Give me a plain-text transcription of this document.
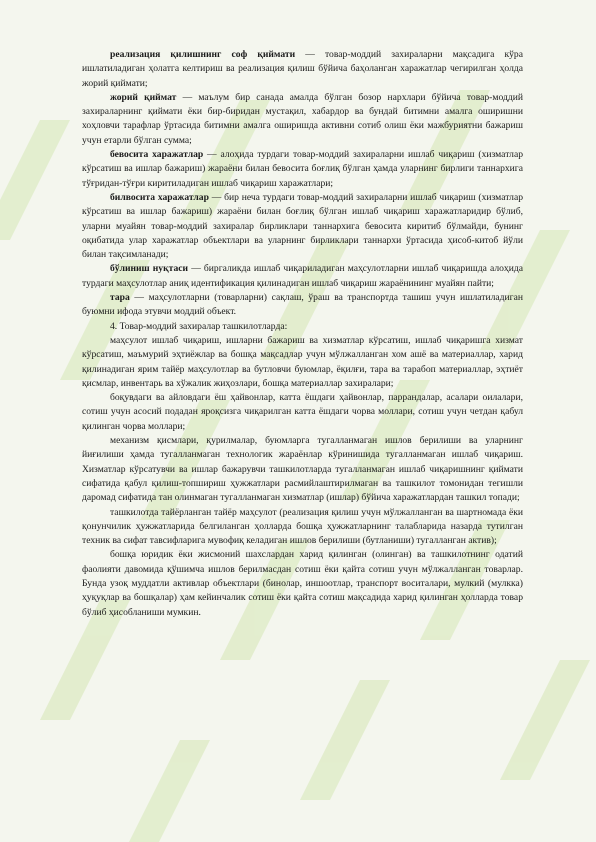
реализация қилишнинг соф қиймати — товар-моддий захираларни мақсадига кўра ишлатиладиган ҳолатга келтириш ва реализация қилиш бўйича баҳоланган харажатлар чегирилган ҳолда жорий қиймати;

жорий қиймат — маълум бир санада амалда бўлган бозор нархлари бўйича товар-моддий захираларнинг қиймати ёки бир-биридан мустақил, хабардор ва бундай битимни амалга оширишни хоҳловчи тарафлар ўртасида битимни амалга оширишда активни сотиб олиш ёки мажбуриятни бажариш учун етарли бўлган сумма;

бевосита харажатлар — алоҳида турдаги товар-моддий захираларни ишлаб чиқариш (хизматлар кўрсатиш ва ишлар бажариш) жараёни билан бевосита боғлиқ бўлган ҳамда уларнинг бирлиги таннархига тўғридан-тўғри киритиладиган ишлаб чиқариш харажатлари;

билвосита харажатлар — бир неча турдаги товар-моддий захираларни ишлаб чиқариш (хизматлар кўрсатиш ва ишлар бажариш) жараёни билан боғлиқ бўлган ишлаб чиқариш харажатларидир бўлиб, уларни муайян товар-моддий захиралар бирликлари таннархига бевосита киритиб бўлмайди, бунинг оқибатида улар харажатлар объектлари ва уларнинг бирликлари таннархи ўртасида ҳисоб-китоб йўли билан тақсимланади;

бўлиниш нуқтаси — биргаликда ишлаб чиқариладиган маҳсулотларни ишлаб чиқаришда алоҳида турдаги маҳсулотлар аниқ идентификация қилинадиган ишлаб чиқариш жараёнининг муайян пайти;

тара — маҳсулотларни (товарларни) сақлаш, ўраш ва транспортда ташиш учун ишлатиладиган буюмни ифода этувчи моддий объект.

4. Товар-моддий захиралар ташкилотларда:

маҳсулот ишлаб чиқариш, ишларни бажариш ва хизматлар кўрсатиш, ишлаб чиқаришга хизмат кўрсатиш, маъмурий эҳтиёжлар ва бошқа мақсадлар учун мўлжалланган хом ашё ва материаллар, харид қилинадиган ярим тайёр маҳсулотлар ва бутловчи буюмлар, ёқилғи, тара ва тарабоп материаллар, эҳтиёт қисмлар, инвентарь ва хўжалик жиҳозлари, бошқа материаллар захиралари;

боқувдаги ва айловдаги ёш ҳайвонлар, катта ёшдаги ҳайвонлар, паррандалар, асалари оилалари, сотиш учун асосий подадан яроқсизга чиқарилган катта ёшдаги чорва моллари, сотиш учун четдан қабул қилинган чорва моллари;

механизм қисмлари, қурилмалар, буюмларга тугалланмаган ишлов берилиши ва уларнинг йиғилиши ҳамда тугалланмаган технологик жараёнлар кўринишида тугалланмаган ишлаб чиқариш. Хизматлар кўрсатувчи ва ишлар бажарувчи ташкилотларда тугалланмаган ишлаб чиқаришнинг қиймати сифатида қабул қилиш-топшириш ҳужжатлари расмийлаштирилмаган ва ташкилот томонидан тегишли даромад сифатида тан олинмаган тугалланмаган хизматлар (ишлар) бўйича харажатлардан ташкил топади;

ташкилотда тайёрланган тайёр маҳсулот (реализация қилиш учун мўлжалланган ва шартномада ёки қонунчилик ҳужжатларида белгиланган ҳолларда бошқа ҳужжатларнинг талабларида назарда тутилган техник ва сифат тавсифларига мувофиқ келадиган ишлов берилиши (бутланиши) тугалланган актив);

бошқа юридик ёки жисмоний шахслардан харид қилинган (олинган) ва ташкилотнинг одатий фаолияти давомида қўшимча ишлов берилмасдан сотиш ёки қайта сотиш учун мўлжалланган товарлар. Бунда узоқ муддатли активлар объектлари (бинолар, иншоотлар, транспорт воситалари, мулкий (мулкка) ҳуқуқлар ва бошқалар) ҳам кейинчалик сотиш ёки қайта сотиш мақсадида харид қилинган ҳолларда товар бўлиб ҳисобланиши мумкин.
